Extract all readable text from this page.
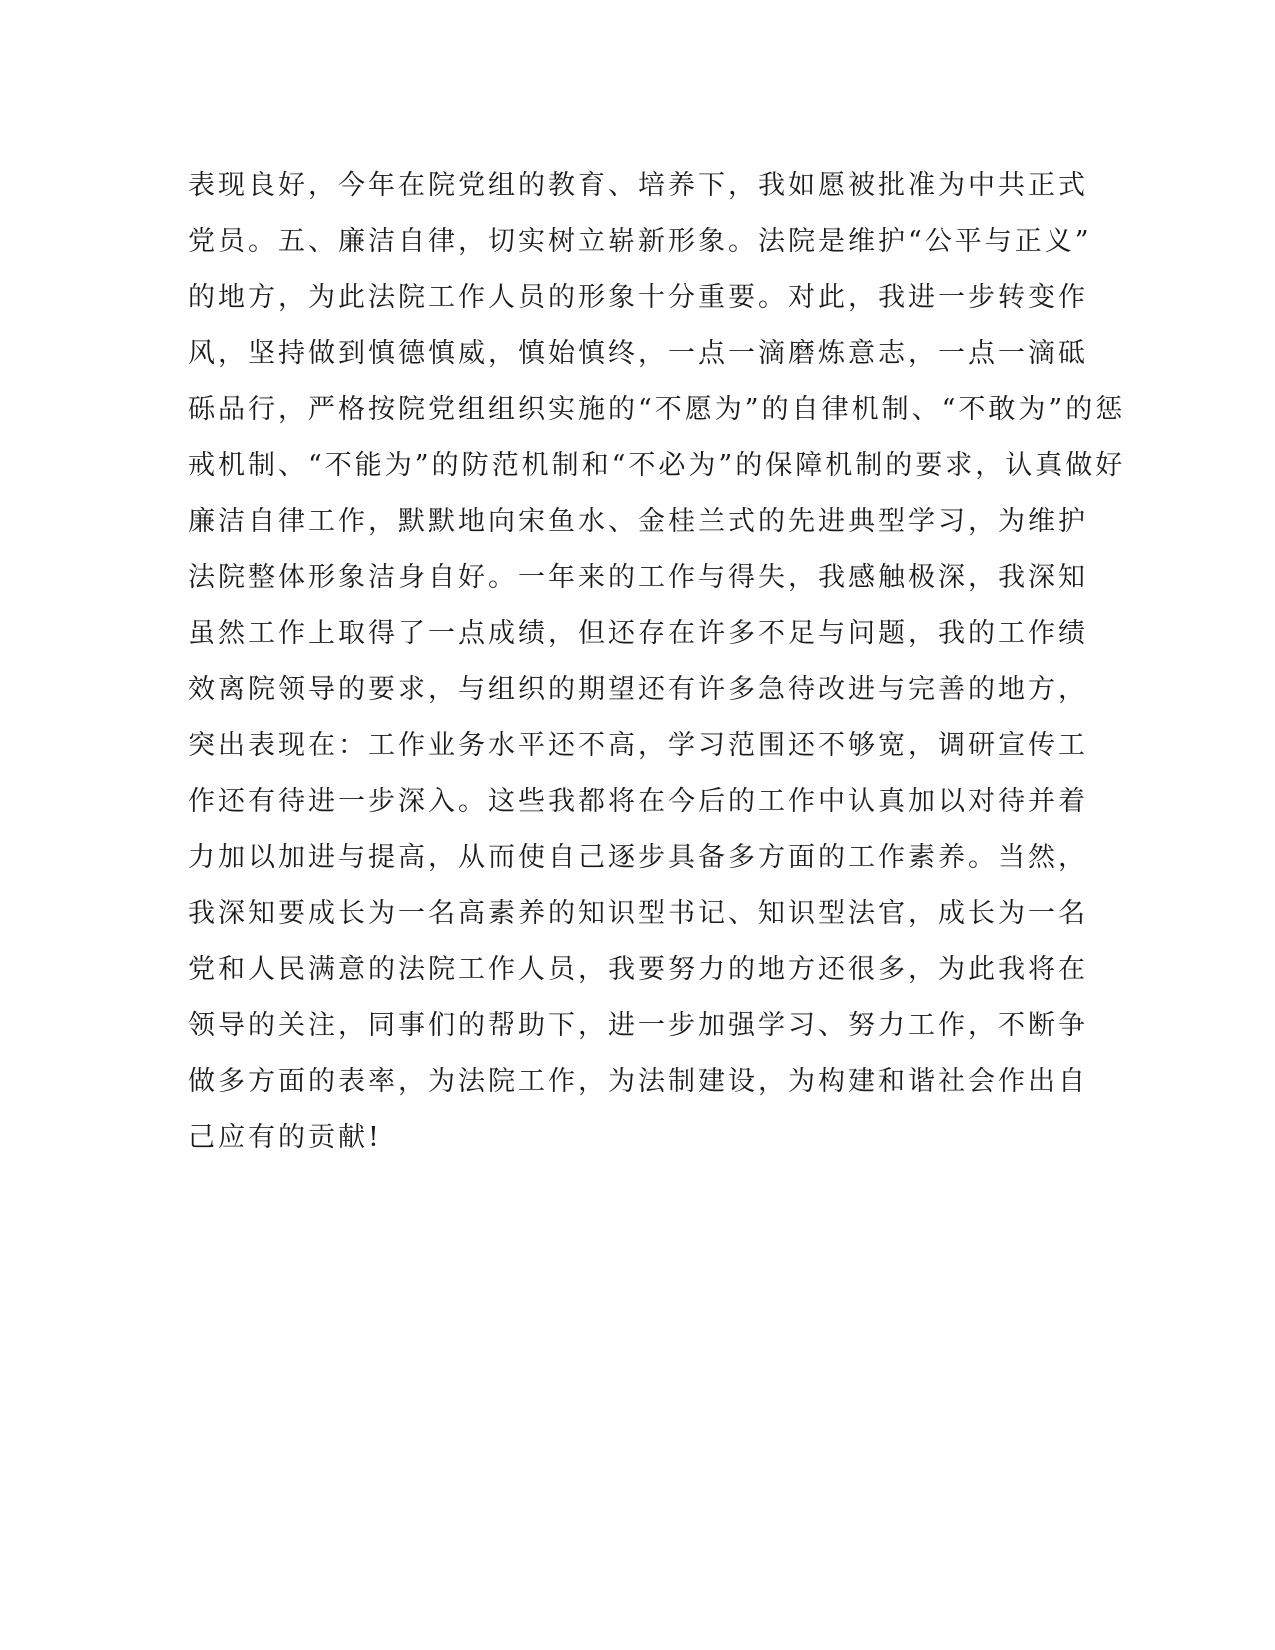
表现良好，今年在院党组的教育、培养下，我如愿被批准为中共正式
党员。五、廉洁自律，切实树立崭新形象。法院是维护“公平与正义”
的地方，为此法院工作人员的形象十分重要。对此，我进一步转变作
风，坚持做到慎德慎威，慎始慎终，一点一滴磨炼意志，一点一滴砥
砾品行，严格按院党组组织实施的“不愿为”的自律机制、“不敢为”的惩
戒机制、“不能为”的防范机制和“不必为”的保障机制的要求，认真做好
廉洁自律工作，默默地向宋鱼水、金桂兰式的先进典型学习，为维护
法院整体形象洁身自好。一年来的工作与得失，我感触极深，我深知
虽然工作上取得了一点成绩，但还存在许多不足与问题，我的工作绩
效离院领导的要求，与组织的期望还有许多急待改进与完善的地方，
突出表现在：工作业务水平还不高，学习范围还不够宽，调研宣传工
作还有待进一步深入。这些我都将在今后的工作中认真加以对待并着
力加以加进与提高，从而使自己逐步具备多方面的工作素养。当然，
我深知要成长为一名高素养的知识型书记、知识型法官，成长为一名
党和人民满意的法院工作人员，我要努力的地方还很多，为此我将在
领导的关注，同事们的帮助下，进一步加强学习、努力工作，不断争
做多方面的表率，为法院工作，为法制建设，为构建和谐社会作出自
己应有的贡献!
